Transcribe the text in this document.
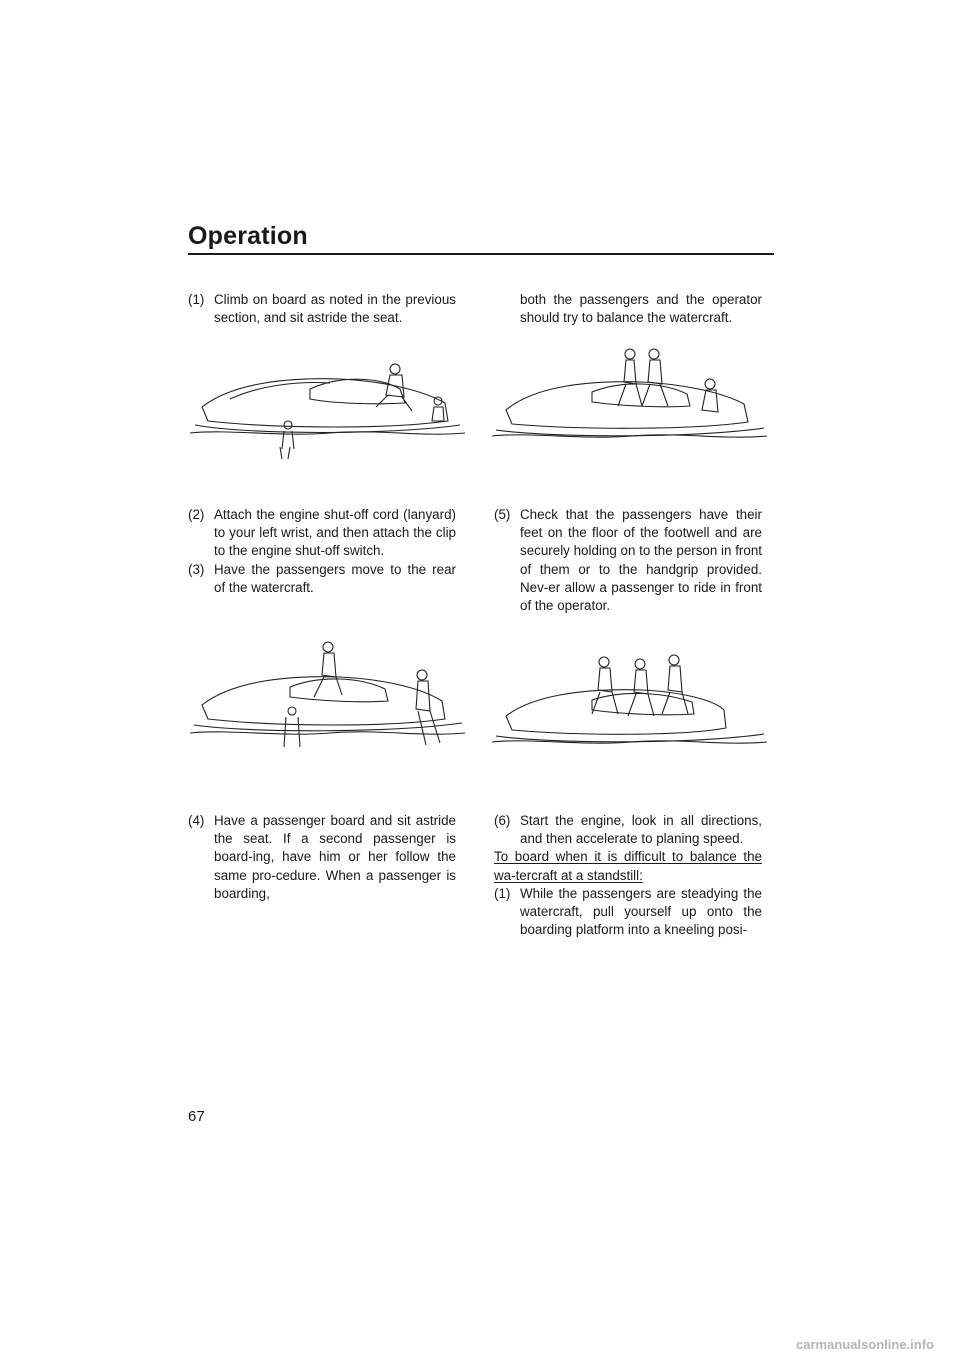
Operation
(1) Climb on board as noted in the previous section, and sit astride the seat.
(2) Attach the engine shut-off cord (lanyard) to your left wrist, and then attach the clip to the engine shut-off switch.
(3) Have the passengers move to the rear of the watercraft.
(4) Have a passenger board and sit astride the seat. If a second passenger is board-ing, have him or her follow the same pro-cedure. When a passenger is boarding,
both the passengers and the operator should try to balance the watercraft.
(5) Check that the passengers have their feet on the floor of the footwell and are securely holding on to the person in front of them or to the handgrip provided. Nev-er allow a passenger to ride in front of the operator.
(6) Start the engine, look in all directions, and then accelerate to planing speed.
To board when it is difficult to balance the wa-tercraft at a standstill:
(1) While the passengers are steadying the watercraft, pull yourself up onto the boarding platform into a kneeling posi-
67
carmanualsonline.info
